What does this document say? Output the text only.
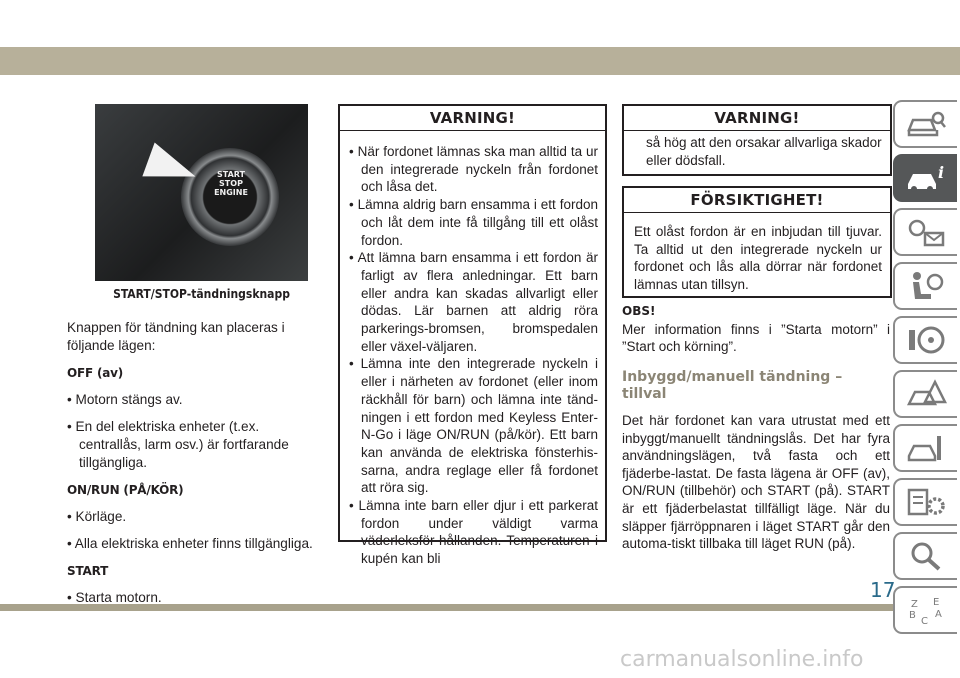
START
STOP
ENGINE
START/STOP-tändningsknapp

Knappen för tändning kan placeras i följande lägen:

OFF (av)

• Motorn stängs av.

• En del elektriska enheter (t.ex. centrallås, larm osv.) är fortfarande tillgängliga.

ON/RUN (PÅ/KÖR)

• Körläge.

• Alla elektriska enheter finns tillgängliga.

START

• Starta motorn.

VARNING!
• När fordonet lämnas ska man alltid ta ur den integrerade nyckeln från fordonet och låsa det.
• Lämna aldrig barn ensamma i ett fordon och låt dem inte få tillgång till ett olåst fordon.
• Att lämna barn ensamma i ett fordon är farligt av flera anledningar. Ett barn eller andra kan skadas allvarligt eller dödas. Lär barnen att aldrig röra parkerings-bromsen, bromspedalen eller växel-väljaren.
• Lämna inte den integrerade nyckeln i eller i närheten av fordonet (eller inom räckhåll för barn) och lämna inte tänd-ningen i ett fordon med Keyless Enter-N-Go i läge ON/RUN (på/kör). Ett barn kan använda de elektriska fönsterhis-sarna, andra reglage eller få fordonet att röra sig.
• Lämna inte barn eller djur i ett parkerat fordon under väldigt varma väderleksför-hållanden. Temperaturen i kupén kan bli
VARNING!
så hög att den orsakar allvarliga skador eller dödsfall.
FÖRSIKTIGHET!
Ett olåst fordon är en inbjudan till tjuvar. Ta alltid ut den integrerade nyckeln ur fordonet och lås alla dörrar när fordonet lämnas utan tillsyn.
OBS!

Mer information finns i ”Starta motorn” i ”Start och körning”.

Inbyggd/manuell tändning – tillval

Det här fordonet kan vara utrustat med ett inbyggt/manuellt tändningslås. Det har fyra användningslägen, två fasta och ett fjäderbe-lastat. De fasta lägena är OFF (av), ON/RUN (tillbehör) och START (på). START är ett fjäderbelastat tillfälligt läge. När du släpper fjärröppnaren i läget START går den automa-tiskt tillbaka till läget RUN (på).

i
Z E
B A
C
17
carmanualsonline.info
